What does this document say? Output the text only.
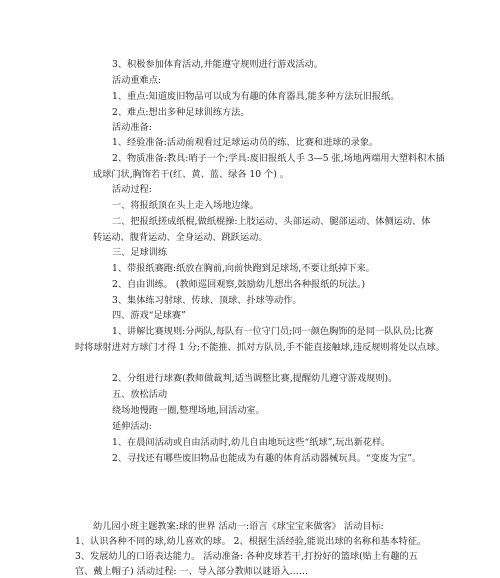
3、积极参加体育活动,并能遵守规则进行游戏活动。
活动重难点:
1、重点:知道废旧物品可以成为有趣的体育器具,能多种方法玩旧报纸。
2、难点:想出多种足球训练方法。
活动准备:
1、经验准备:活动前观看过足球运动员的练、比赛和进球的录象。
2、物质准备:教具:哨子一个;学具:废旧报纸人手 3—5 张,场地两端用大塑料积木插
成球门状,胸饰若干(红、黄、蓝、绿各 10 个) 。
活动过程:
一、将报纸顶在头上走入场地边缘。
二、把报纸搓成纸棍,做纸棍操:上肢运动、头部运动、腿部运动、体侧运动、体
转运动、腹背运动、全身运动、跳跃运动。
三、足球训练
1、带报纸赛跑:纸放在胸前,向前快跑到足球场,不要让纸掉下来。
2、自由训练。 (教师巡回观察,鼓励幼儿想出各种报纸的玩法。)
3、集体练习射球、传球、顶球、扑球等动作。
四、游戏“足球赛”
1、讲解比赛规则:分两队,每队有一位守门员;同一颜色胸饰的是同一队队员;比赛
时将球射进对方球门才得 1 分;不能推、抓对方队员,手不能直接触球,违反规则将处以点球。
2、分组进行球赛(教师做裁判,适当调整比赛,提醒幼儿遵守游戏规则)。
五、放松活动
绕场地慢跑一圈,整理场地,回活动室。
延伸活动:
1、在晨间活动或自由活动时,幼儿自由地玩这些“纸球”,玩出新花样。
2、寻找还有哪些废旧物品也能成为有趣的体育活动器械玩具。“变废为宝”。
幼儿园小班主题教案:球的世界 活动一:语言《球宝宝来做客》 活动目标:
1、认识各种不同的球,幼儿喜欢的球。 2、根据生活经验,能说出球的名称和基本特征。
3、发展幼儿的口语表达能力。 活动准备: 各种皮球若干,打扮好的篮球(贴上有趣的五
官、戴上帽子) 活动过程: 一、导入部分教师以谜语入……
